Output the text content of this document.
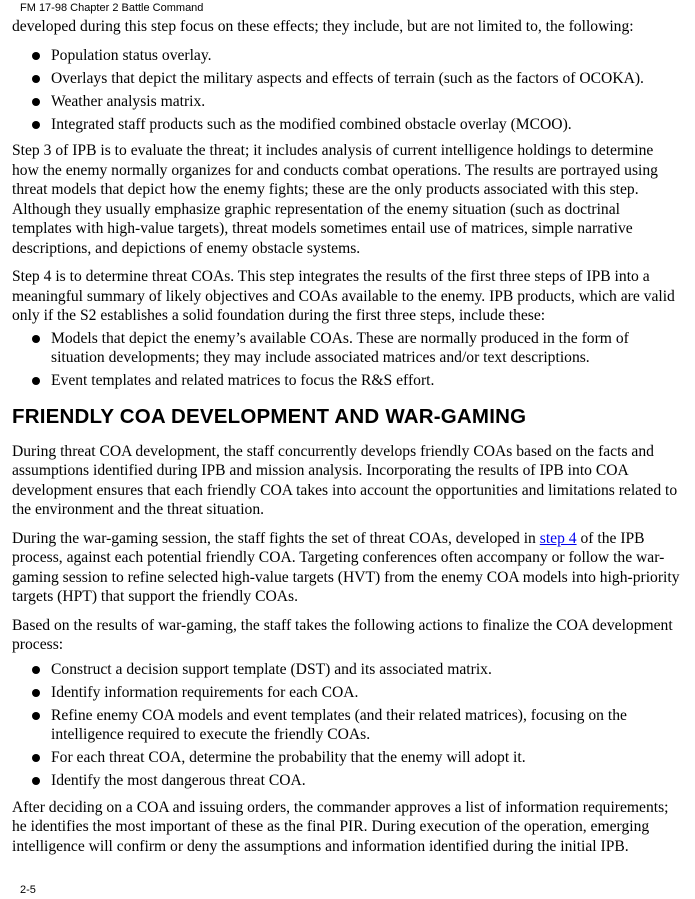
FM 17-98 Chapter 2 Battle Command

developed during this step focus on these effects; they include, but are not limited to, the following:

Population status overlay.
Overlays that depict the military aspects and effects of terrain (such as the factors of OCOKA).
Weather analysis matrix.
Integrated staff products such as the modified combined obstacle overlay (MCOO).

Step 3 of IPB is to evaluate the threat; it includes analysis of current intelligence holdings to determine how the enemy normally organizes for and conducts combat operations. The results are portrayed using threat models that depict how the enemy fights; these are the only products associated with this step. Although they usually emphasize graphic representation of the enemy situation (such as doctrinal templates with high-value targets), threat models sometimes entail use of matrices, simple narrative descriptions, and depictions of enemy obstacle systems.

Step 4 is to determine threat COAs. This step integrates the results of the first three steps of IPB into a meaningful summary of likely objectives and COAs available to the enemy. IPB products, which are valid only if the S2 establishes a solid foundation during the first three steps, include these:

Models that depict the enemy’s available COAs. These are normally produced in the form of situation developments; they may include associated matrices and/or text descriptions.
Event templates and related matrices to focus the R&S effort.
FRIENDLY COA DEVELOPMENT AND WAR-GAMING

During threat COA development, the staff concurrently develops friendly COAs based on the facts and assumptions identified during IPB and mission analysis. Incorporating the results of IPB into COA development ensures that each friendly COA takes into account the opportunities and limitations related to the environment and the threat situation.

During the war-gaming session, the staff fights the set of threat COAs, developed in step 4 of the IPB process, against each potential friendly COA. Targeting conferences often accompany or follow the war-gaming session to refine selected high-value targets (HVT) from the enemy COA models into high-priority targets (HPT) that support the friendly COAs.

Based on the results of war-gaming, the staff takes the following actions to finalize the COA development process:

Construct a decision support template (DST) and its associated matrix.
Identify information requirements for each COA.
Refine enemy COA models and event templates (and their related matrices), focusing on the intelligence required to execute the friendly COAs.
For each threat COA, determine the probability that the enemy will adopt it.
Identify the most dangerous threat COA.

After deciding on a COA and issuing orders, the commander approves a list of information requirements; he identifies the most important of these as the final PIR. During execution of the operation, emerging intelligence will confirm or deny the assumptions and information identified during the initial IPB.

2-5
